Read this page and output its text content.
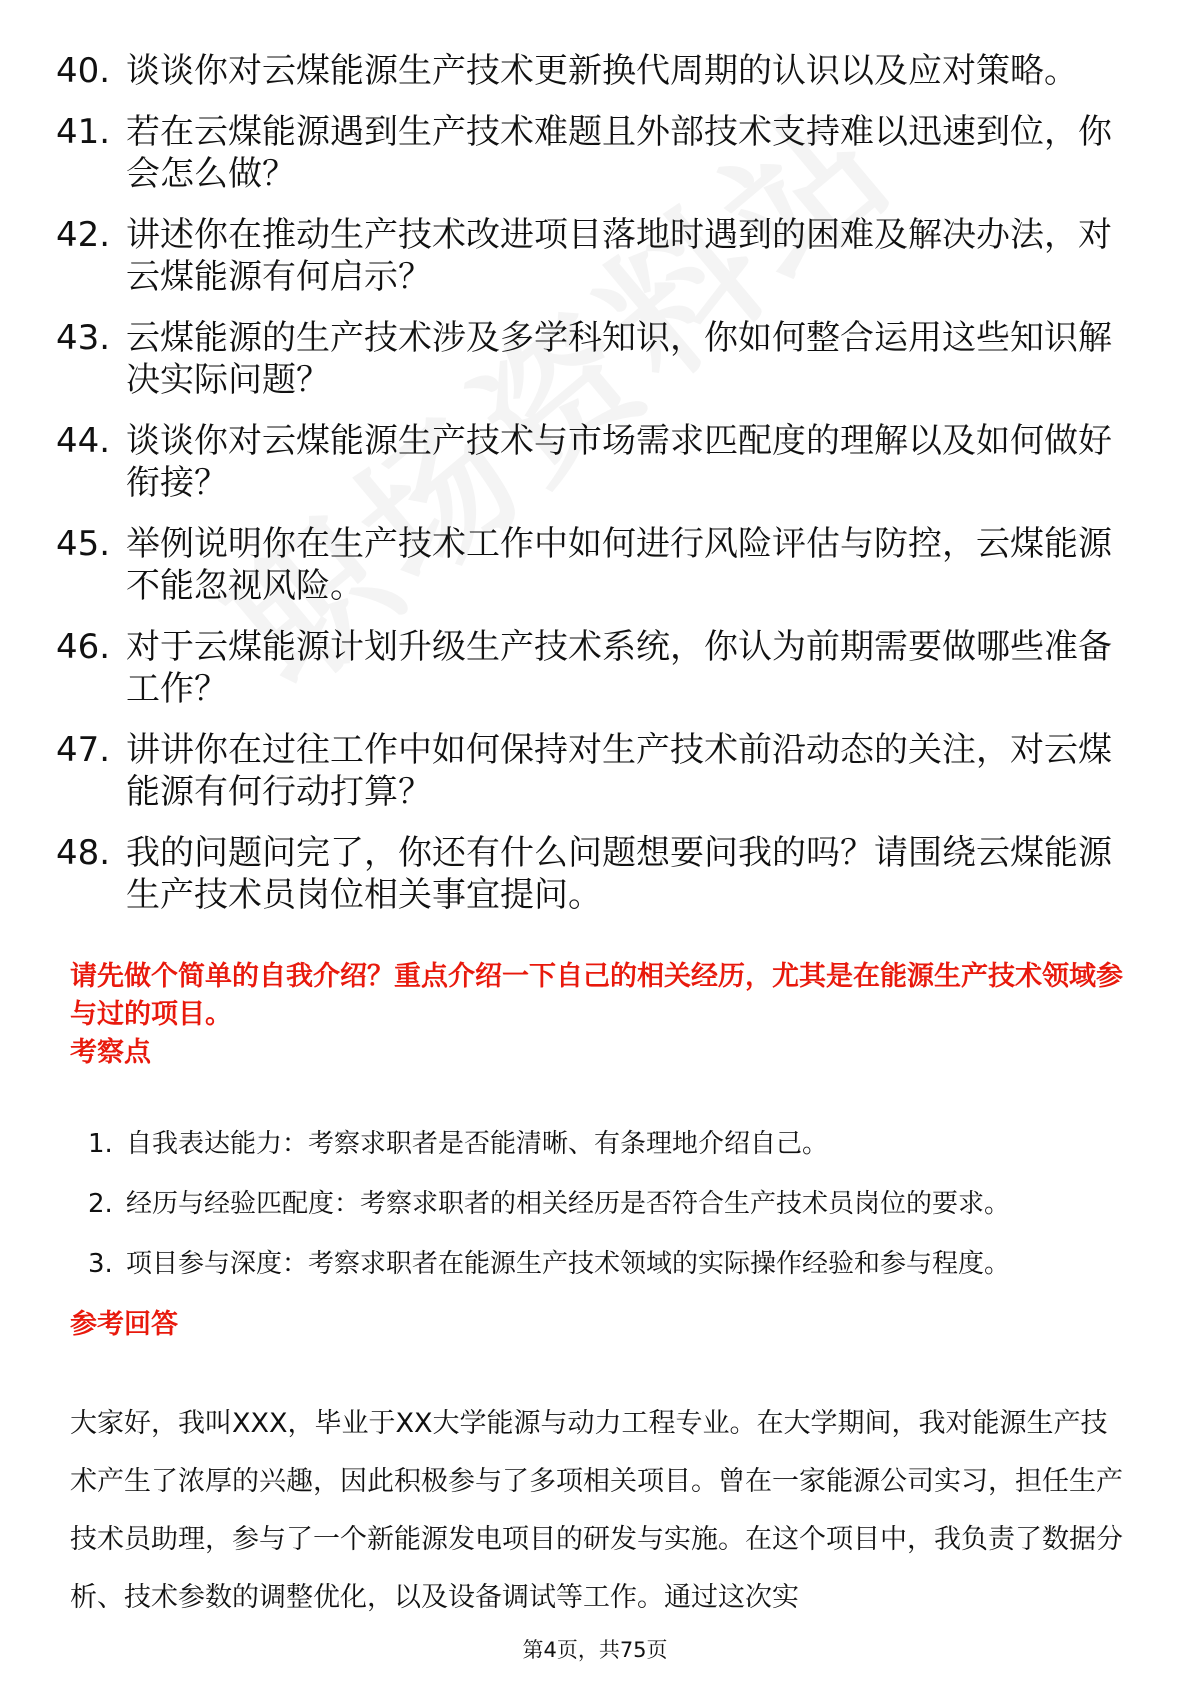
40. 谈谈你对云煤能源生产技术更新换代周期的认识以及应对策略。
41. 若在云煤能源遇到生产技术难题且外部技术支持难以迅速到位，你会怎么做？
42. 讲述你在推动生产技术改进项目落地时遇到的困难及解决办法，对云煤能源有何启示？
43. 云煤能源的生产技术涉及多学科知识，你如何整合运用这些知识解决实际问题？
44. 谈谈你对云煤能源生产技术与市场需求匹配度的理解以及如何做好衔接？
45. 举例说明你在生产技术工作中如何进行风险评估与防控，云煤能源不能忽视风险。
46. 对于云煤能源计划升级生产技术系统，你认为前期需要做哪些准备工作？
47. 讲讲你在过往工作中如何保持对生产技术前沿动态的关注，对云煤能源有何行动打算？
48. 我的问题问完了，你还有什么问题想要问我的吗？请围绕云煤能源生产技术员岗位相关事宜提问。

请先做个简单的自我介绍？重点介绍一下自己的相关经历，尤其是在能源生产技术领域参与过的项目。

考察点
1. 自我表达能力：考察求职者是否能清晰、有条理地介绍自己。
2. 经历与经验匹配度：考察求职者的相关经历是否符合生产技术员岗位的要求。
3. 项目参与深度：考察求职者在能源生产技术领域的实际操作经验和参与程度。
参考回答

大家好，我叫XXX，毕业于XX大学能源与动力工程专业。在大学期间，我对能源生产技术产生了浓厚的兴趣，因此积极参与了多项相关项目。曾在一家能源公司实习，担任生产技术员助理，参与了一个新能源发电项目的研发与实施。在这个项目中，我负责了数据分析、技术参数的调整优化，以及设备调试等工作。通过这次实

第4页，共75页
